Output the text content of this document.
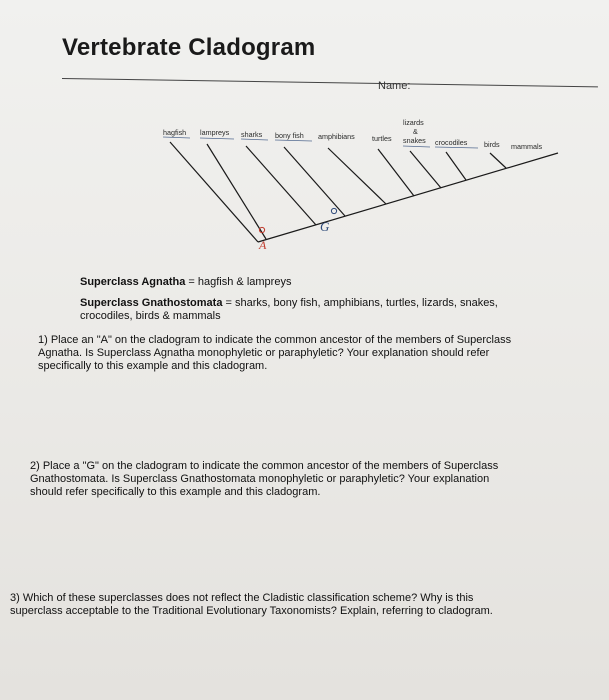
Vertebrate Cladogram
Name:
hagfish lampreys sharks bony fish amphibians turtles
lizards
&
snakes crocodiles birds mammals
A
G
Superclass Agnatha = hagfish & lampreys
Superclass Gnathostomata = sharks, bony fish, amphibians, turtles, lizards, snakes,
crocodiles, birds & mammals
1) Place an "A" on the cladogram to indicate the common ancestor of the members of Superclass
Agnatha. Is Superclass Agnatha monophyletic or paraphyletic? Your explanation should refer
specifically to this example and this cladogram.
2) Place a "G" on the cladogram to indicate the common ancestor of the members of Superclass
Gnathostomata. Is Superclass Gnathostomata monophyletic or paraphyletic? Your explanation
should refer specifically to this example and this cladogram.
3) Which of these superclasses does not reflect the Cladistic classification scheme? Why is this
superclass acceptable to the Traditional Evolutionary Taxonomists? Explain, referring to cladogram.
